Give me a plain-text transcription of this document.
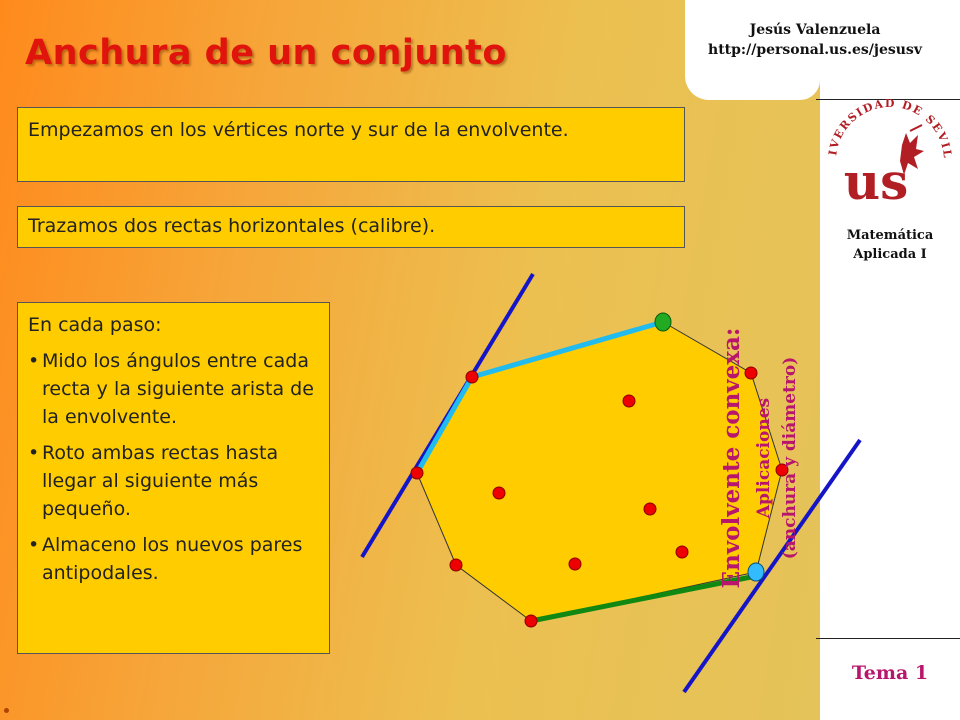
Anchura de un conjunto
Jesús Valenzuela
http://personal.us.es/jesusv
Empezamos en los vértices norte y sur de la envolvente.
Trazamos dos rectas horizontales (calibre).

En cada paso:

• Mido los ángulos entre cada recta y la siguiente arista de la envolvente.
• Roto ambas rectas hasta llegar al siguiente más pequeño.
• Almaceno los nuevos pares antipodales.
IVERSIDAD DE SEVIL
us
Matemática
Aplicada I
Envolvente convexa: Aplicaciones (anchura y diámetro)
Tema 1
